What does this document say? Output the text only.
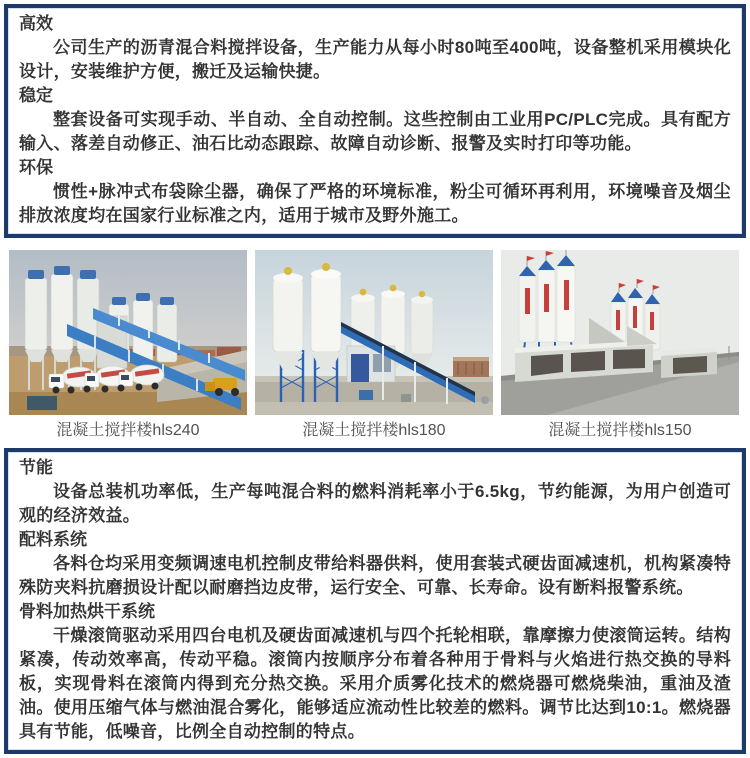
高效

公司生产的沥青混合料搅拌设备，生产能力从每小时80吨至400吨，设备整机采用模块化设计，安装维护方便，搬迁及运输快捷。

稳定

整套设备可实现手动、半自动、全自动控制。这些控制由工业用PC/PLC完成。具有配方输入、落差自动修正、油石比动态跟踪、故障自动诊断、报警及实时打印等功能。

环保

惯性+脉冲式布袋除尘器，确保了严格的环境标准，粉尘可循环再利用，环境噪音及烟尘排放浓度均在国家行业标准之内，适用于城市及野外施工。

混凝土搅拌楼hls240	混凝土搅拌楼hls180	混凝土搅拌楼hls150
节能

设备总装机功率低，生产每吨混合料的燃料消耗率小于6.5kg，节约能源，为用户创造可观的经济效益。

配料系统

各料仓均采用变频调速电机控制皮带给料器供料，使用套装式硬齿面减速机，机构紧凑特殊防夹料抗磨损设计配以耐磨挡边皮带，运行安全、可靠、长寿命。设有断料报警系统。

骨料加热烘干系统

干燥滚筒驱动采用四台电机及硬齿面减速机与四个托轮相联，靠摩擦力使滚筒运转。结构紧凑，传动效率高，传动平稳。滚筒内按顺序分布着各种用于骨料与火焰进行热交换的导料板，实现骨料在滚筒内得到充分热交换。采用介质雾化技术的燃烧器可燃烧柴油，重油及渣油。使用压缩气体与燃油混合雾化，能够适应流动性比较差的燃料。调节比达到10:1。燃烧器具有节能，低噪音，比例全自动控制的特点。
